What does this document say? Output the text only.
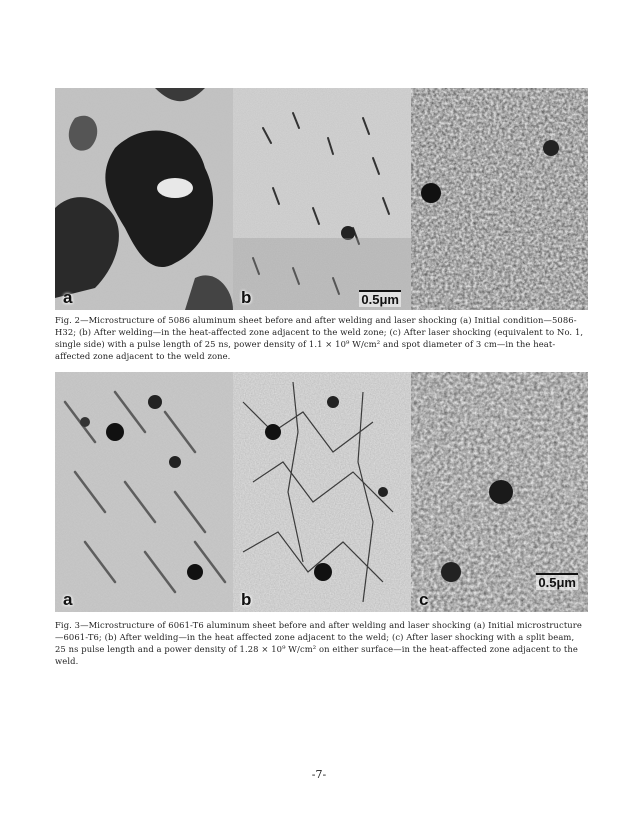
a	b	0.5μm
Fig. 2—Microstructure of 5086 aluminum sheet before and after welding and laser shocking (a) Initial condition—5086-H32; (b) After welding—in the heat-affected zone adjacent to the weld zone; (c) After laser shocking (equivalent to No. 1, single side) with a pulse length of 25 ns, power density of 1.1 × 10⁹ W/cm² and spot diameter of 3 cm—in the heat-affected zone adjacent to the weld zone.
a	b	c
0.5μm
Fig. 3—Microstructure of 6061-T6 aluminum sheet before and after welding and laser shocking (a) Initial microstructure—6061-T6; (b) After welding—in the heat affected zone adjacent to the weld; (c) After laser shocking with a split beam, 25 ns pulse length and a power density of 1.28 × 10⁹ W/cm² on either surface—in the heat-affected zone adjacent to the weld.
-7-
